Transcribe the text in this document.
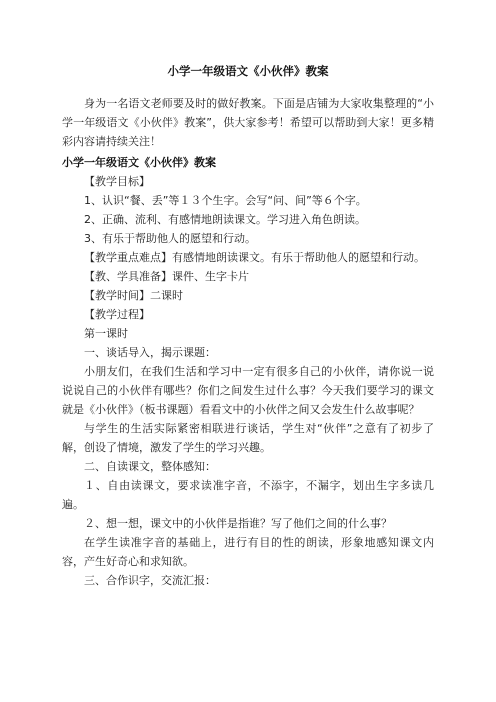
小学一年级语文《小伙伴》教案

身为一名语文老师要及时的做好教案。下面是店铺为大家收集整理的“小学一年级语文《小伙伴》教案”，供大家参考！希望可以帮助到大家！更多精彩内容请持续关注！

小学一年级语文《小伙伴》教案

【教学目标】

1、认识“餐、丢”等１３个生字。会写“问、间”等６个字。

2、正确、流利、有感情地朗读课文。学习进入角色朗读。

3、有乐于帮助他人的愿望和行动。

【教学重点难点】有感情地朗读课文。有乐于帮助他人的愿望和行动。

【教、学具准备】课件、生字卡片

【教学时间】二课时

【教学过程】

第一课时

一、谈话导入，揭示课题：

小朋友们，在我们生活和学习中一定有很多自己的小伙伴，请你说一说说说自己的小伙伴有哪些？你们之间发生过什么事？今天我们要学习的课文就是《小伙伴》（板书课题）看看文中的小伙伴之间又会发生什么故事呢？

与学生的生活实际紧密相联进行谈话，学生对“伙伴”之意有了初步了解，创设了情境，激发了学生的学习兴趣。

二、自读课文，整体感知：

１、自由读课文，要求读准字音，不添字，不漏字，划出生字多读几遍。

２、想一想，课文中的小伙伴是指谁？写了他们之间的什么事？

在学生读准字音的基础上，进行有目的性的朗读，形象地感知课文内容，产生好奇心和求知欲。

三、合作识字，交流汇报：
